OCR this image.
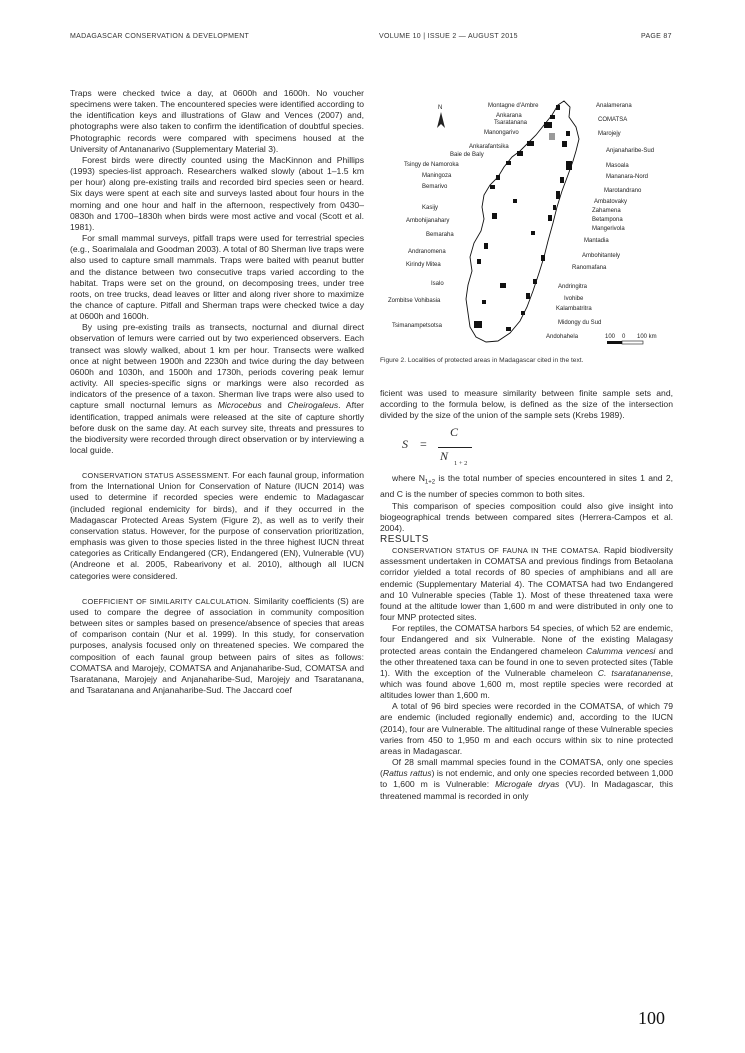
MADAGASCAR CONSERVATION & DEVELOPMENT	VOLUME 10 | ISSUE 2 — AUGUST 2015	PAGE 87

Traps were checked twice a day, at 0600h and 1600h. No voucher specimens were taken. The encountered species were identified according to the identification keys and illustrations of Glaw and Vences (2007) and, photographs were also taken to confirm the identification of doubtful species. Photographic records were compared with specimens housed at the University of Antananarivo (Supplementary Material 3).

Forest birds were directly counted using the MacKinnon and Phillips (1993) species-list approach. Researchers walked slowly (about 1–1.5 km per hour) along pre-existing trails and recorded bird species seen or heard. Six days were spent at each site and surveys lasted about four hours in the morning and one hour and half in the afternoon, respectively from 0430–0830h and 1700–1830h when birds were most active and vocal (Scott et al. 1981).

For small mammal surveys, pitfall traps were used for terrestrial species (e.g., Soarimalala and Goodman 2003). A total of 80 Sherman live traps were also used to capture small mammals. Traps were baited with peanut butter and the distance between two consecutive traps varied according to the habitat. Traps were set on the ground, on decomposing trees, under tree roots, on tree trucks, dead leaves or litter and along river shore to maximize the chance of capture. Pitfall and Sherman traps were checked twice a day at 0600h and 1600h.

By using pre-existing trails as transects, nocturnal and diurnal direct observation of lemurs were carried out by two experienced observers. Each transect was slowly walked, about 1 km per hour. Transects were walked once at night between 1900h and 2230h and twice during the day between 0600h and 1030h, and 1500h and 1730h, periods covering peak lemur activity. All species-specific signs or markings were also recorded as indicators of the presence of a taxon. Sherman live traps were also used to capture small nocturnal lemurs as Microcebus and Cheirogaleus. After identification, trapped animals were released at the site of capture shortly before dusk on the same day. At each survey site, threats and pressures to the biodiversity were recorded through direct observation or by interviewing a local guide.

CONSERVATION STATUS ASSESSMENT. For each faunal group, information from the International Union for Conservation of Nature (IUCN 2014) was used to determine if recorded species were endemic to Madagascar (included regional endemicity for birds), and if they occurred in the Madagascar Protected Areas System (Figure 2), as well as to verify their conservation status. However, for the purpose of conservation prioritization, emphasis was given to those species listed in the three highest IUCN threat categories as Critically Endangered (CR), Endangered (EN), Vulnerable (VU) (Andreone et al. 2005, Rabearivony et al. 2010), although all IUCN categories were considered.

COEFFICIENT OF SIMILARITY CALCULATION. Similarity coefficients (S) are used to compare the degree of association in community composition between sites or samples based on presence/absence of species that areas of comparison contain (Nur et al. 1999). In this study, for conservation purposes, analysis focused only on threatened species. We compared the composition of each faunal group between pairs of sites as follows: COMATSA and Marojejy, COMATSA and Anjanaharibe-Sud, COMATSA and Tsaratanana, Marojejy and Anjanaharibe-Sud, Marojejy and Tsaratanana, and Tsaratanana and Anjanaharibe-Sud. The Jaccard coef

N	Montagne d'Ambre
Ankarana
Tsaratanana
Manongarivo
Ankarafantsika
Baie de Baly
Tsingy de Namoroka
Maningoza
Bemarivo
Kasijy
Ambohijanahary
Bemaraha
Andranomena
Kirindy Mitea
Isalo
Zombitse Vohibasia
Tsimanampetsotsa
Analamerana
COMATSA
Marojejy
Anjanaharibe-Sud
Masoala
Mananara-Nord
Marotandrano
Ambatovaky
Zahamena
Betampona
Mangerivola
Mantadia
Ambohitantely
Ranomafana
Andringitra
Ivohibe
Kalambatritra
Midongy du Sud
Andohahela	100 0 100 km
Figure 2. Localities of protected areas in Madagascar cited in the text.

ficient was used to measure similarity between finite sample sets and, according to the formula below, is defined as the size of the intersection divided by the size of the union of the sample sets (Krebs 1989).

S =
C
N
1 + 2

where $N_{1+2}$ is the total number of species encountered in sites 1 and 2, and C is the number of species common to both sites.

This comparison of species composition could also give insight into biogeographical trends between compared sites (Herrera-Campos et al. 2004).

RESULTS

CONSERVATION STATUS OF FAUNA IN THE COMATSA. Rapid biodiversity assessment undertaken in COMATSA and previous findings from Betaolana corridor yielded a total records of 80 species of amphibians and all are endemic (Supplementary Material 4). The COMATSA had two Endangered and 10 Vulnerable species (Table 1). Most of these threatened taxa were found at the altitude lower than 1,600 m and were distributed in only one to four MNP protected sites.

For reptiles, the COMATSA harbors 54 species, of which 52 are endemic, four Endangered and six Vulnerable. None of the existing Malagasy protected areas contain the Endangered chameleon Calumma vencesi and the other threatened taxa can be found in one to seven protected sites (Table 1). With the exception of the Vulnerable chameleon C. tsaratananense, which was found above 1,600 m, most reptile species were recorded at altitudes lower than 1,600 m.

A total of 96 bird species were recorded in the COMATSA, of which 79 are endemic (included regionally endemic) and, according to the IUCN (2014), four are Vulnerable. The altitudinal range of these Vulnerable species varies from 450 to 1,950 m and each occurs within six to nine protected areas in Madagascar.

Of 28 small mammal species found in the COMATSA, only one species (Rattus rattus) is not endemic, and only one species recorded between 1,000 to 1,600 m is Vulnerable: Microgale dryas (VU). In Madagascar, this threatened mammal is recorded in only

100
